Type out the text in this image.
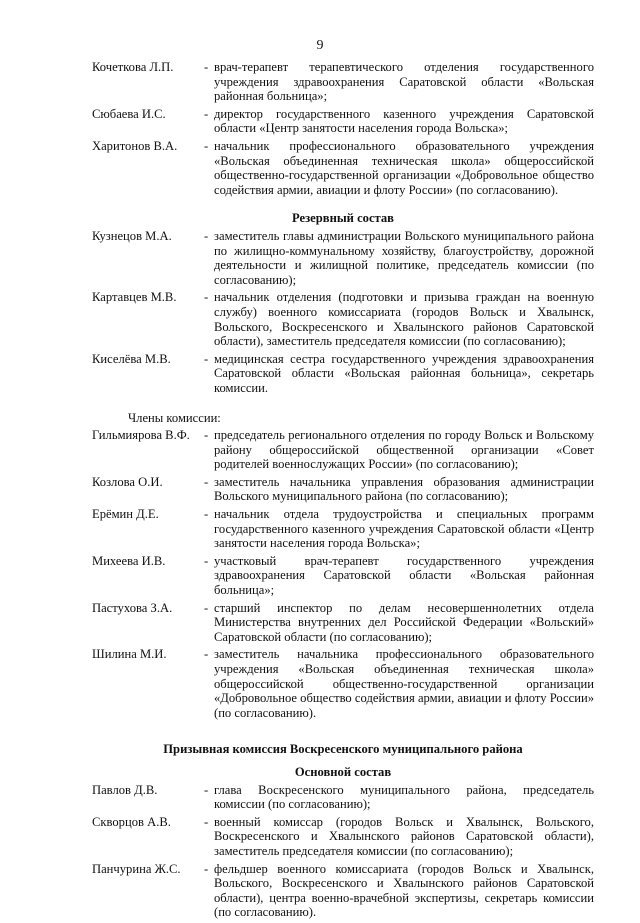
9
Кочеткова Л.П.	- врач-терапевт терапевтического отделения государственного учреждения здравоохранения Саратовской области «Вольская районная больница»;
Сюбаева И.С.	- директор государственного казенного учреждения Саратовской области «Центр занятости населения города Вольска»;
Харитонов В.А.	- начальник профессионального образовательного учреждения «Вольская объединенная техническая школа» общероссийской общественно-государственной организации «Добровольное общество содействия армии, авиации и флоту России» (по согласованию).
Резервный состав
Кузнецов М.А.	- заместитель главы администрации Вольского муниципального района по жилищно-коммунальному хозяйству, благоустройству, дорожной деятельности и жилищной политике, председатель комиссии (по согласованию);
Картавцев М.В.	- начальник отделения (подготовки и призыва граждан на военную службу) военного комиссариата (городов Вольск и Хвалынск, Вольского, Воскресенского и Хвалынского районов Саратовской области), заместитель председателя комиссии (по согласованию);
Киселёва М.В.	- медицинская сестра государственного учреждения здравоохранения Саратовской области «Вольская районная больница», секретарь комиссии.
Члены комиссии:
Гильмиярова В.Ф.	- председатель регионального отделения по городу Вольск и Вольскому району общероссийской общественной организации «Совет родителей военнослужащих России» (по согласованию);
Козлова О.И.	- заместитель начальника управления образования администрации Вольского муниципального района (по согласованию);
Ерёмин Д.Е.	- начальник отдела трудоустройства и специальных программ государственного казенного учреждения Саратовской области «Центр занятости населения города Вольска»;
Михеева И.В.	- участковый врач-терапевт государственного учреждения здравоохранения Саратовской области «Вольская районная больница»;
Пастухова З.А.	- старший инспектор по делам несовершеннолетних отдела Министерства внутренних дел Российской Федерации «Вольский» Саратовской области (по согласованию);
Шилина М.И.	- заместитель начальника профессионального образовательного учреждения «Вольская объединенная техническая школа» общероссийской общественно-государственной организации «Добровольное общество содействия армии, авиации и флоту России» (по согласованию).
Призывная комиссия Воскресенского муниципального района
Основной состав
Павлов Д.В.	- глава Воскресенского муниципального района, председатель комиссии (по согласованию);
Скворцов А.В.	- военный комиссар (городов Вольск и Хвалынск, Вольского, Воскресенского и Хвалынского районов Саратовской области), заместитель председателя комиссии (по согласованию);
Панчурина Ж.С.	- фельдшер военного комиссариата (городов Вольск и Хвалынск, Вольского, Воскресенского и Хвалынского районов Саратовской области), центра военно-врачебной экспертизы, секретарь комиссии (по согласованию).
